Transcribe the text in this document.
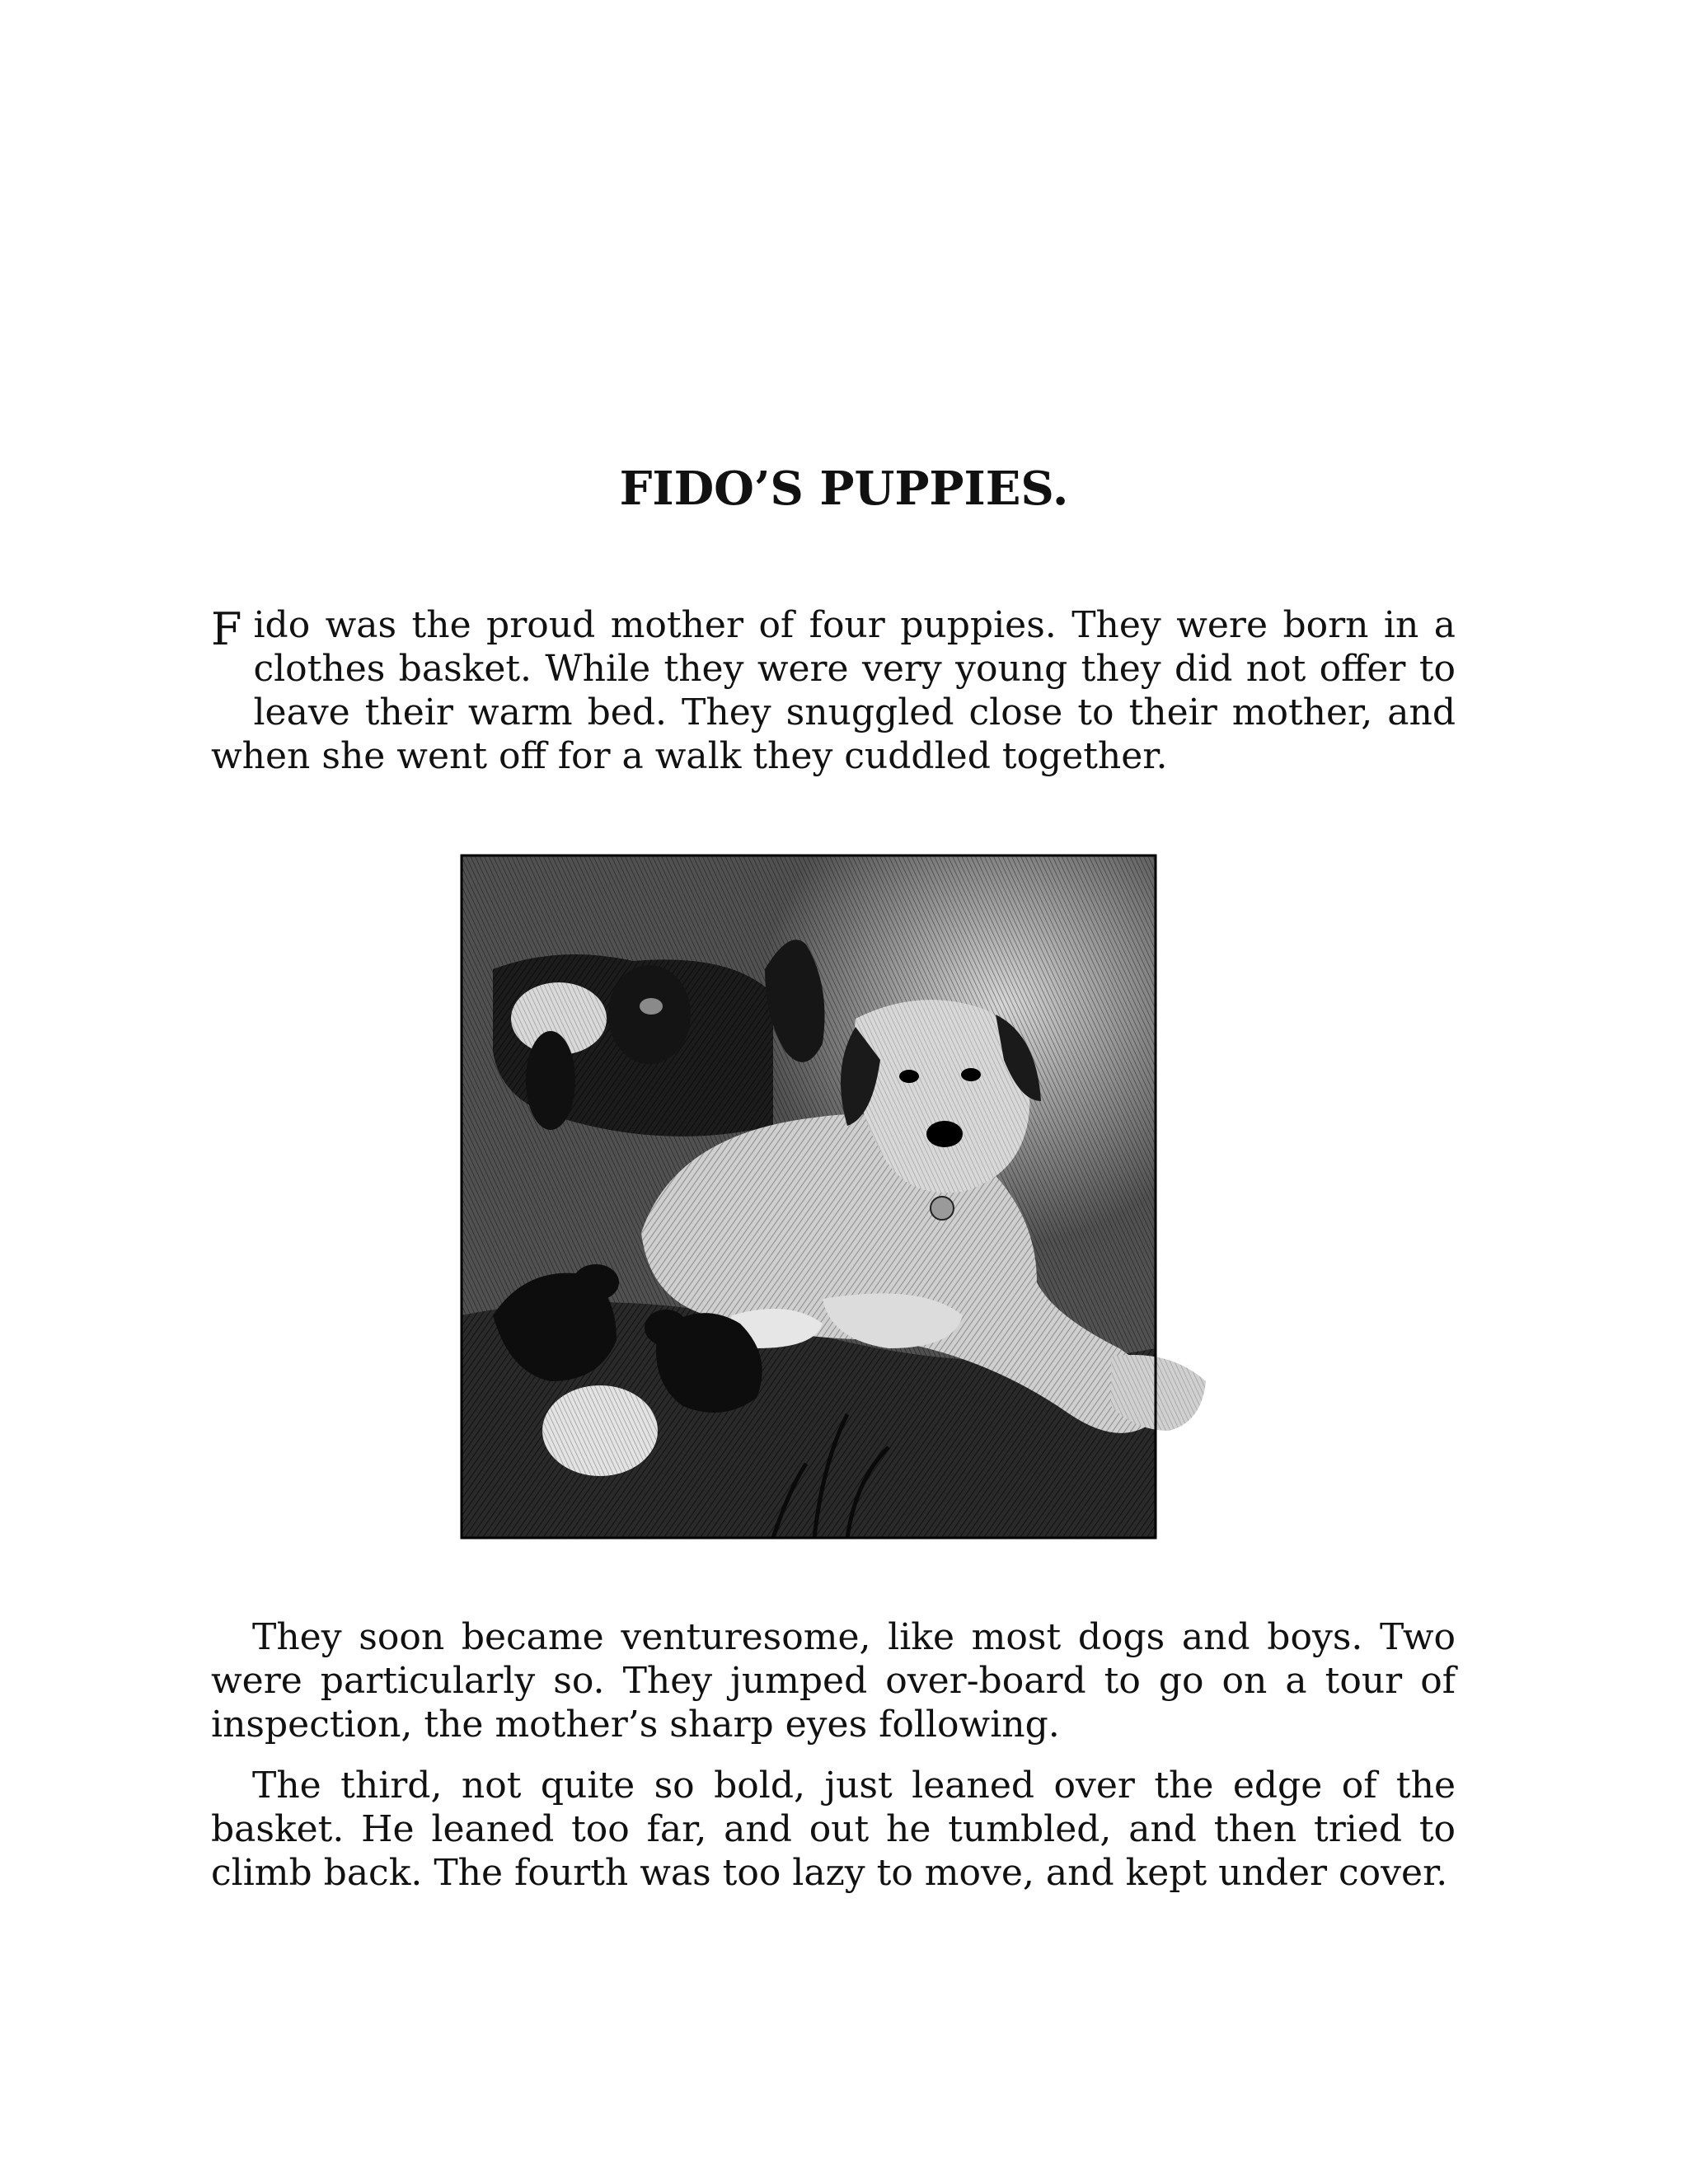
FIDO’S PUPPIES.

F ido was the proud mother of four puppies. They were born in a clothes basket. While they were very young they did not offer to leave their warm bed. They snuggled close to their mother, and when she went off for a walk they cuddled together.

They soon became venturesome, like most dogs and boys. Two were particularly so. They jumped over-board to go on a tour of inspection, the mother’s sharp eyes following.

The third, not quite so bold, just leaned over the edge of the basket. He leaned too far, and out he tumbled, and then tried to climb back. The fourth was too lazy to move, and kept under cover.
